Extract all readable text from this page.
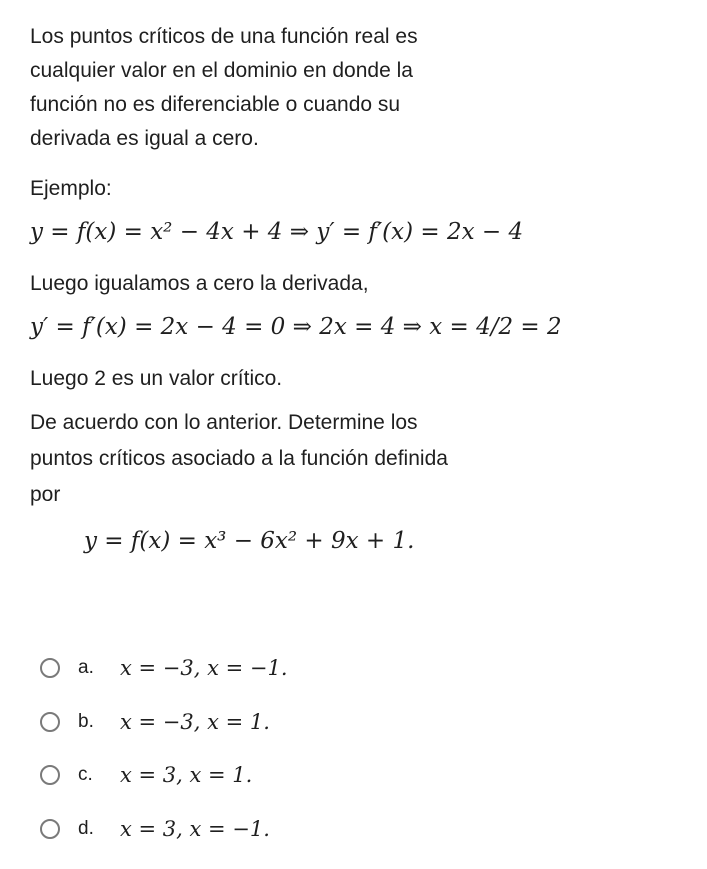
Los puntos críticos de una función real es

cualquier valor en el dominio en donde la

función no es diferenciable o cuando su

derivada es igual a cero.

Ejemplo:

y = f(x) = x² − 4x + 4 ⇒ y′ = f′(x) = 2x − 4

Luego igualamos a cero la derivada,

y′ = f′(x) = 2x − 4 = 0 ⇒ 2x = 4 ⇒ x = 4/2 = 2

Luego 2 es un valor crítico.

De acuerdo con lo anterior. Determine los

puntos críticos asociado a la función definida

por

y = f(x) = x³ − 6x² + 9x + 1.

a.	x = −3, x = −1.
b.	x = −3, x = 1.
c.	x = 3, x = 1.
d.	x = 3, x = −1.
